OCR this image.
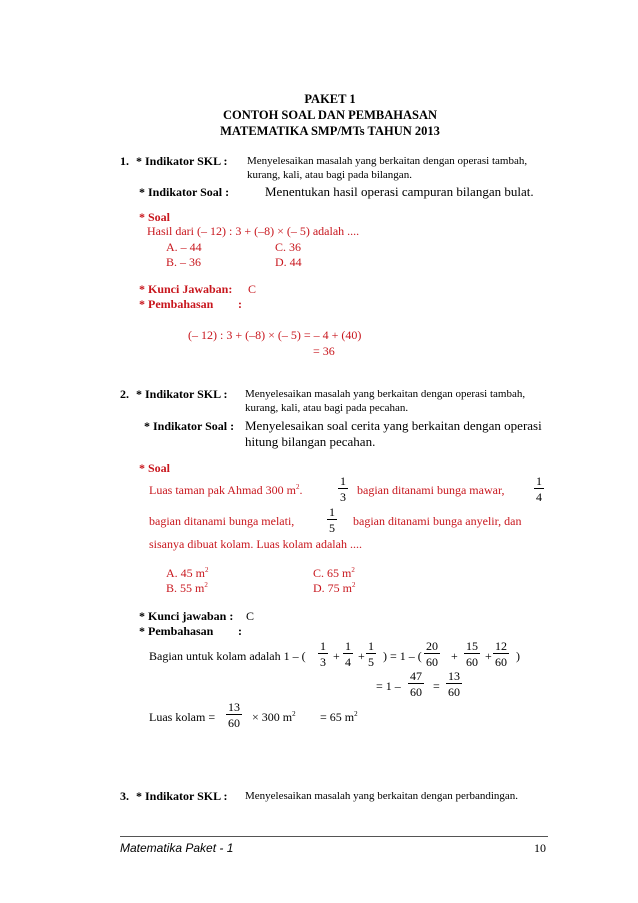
PAKET 1
CONTOH SOAL DAN PEMBAHASAN
MATEMATIKA SMP/MTs TAHUN 2013
1. * Indikator SKL : Menyelesaikan masalah yang berkaitan dengan operasi tambah,
kurang, kali, atau bagi pada bilangan.
* Indikator Soal :	Menentukan hasil operasi campuran bilangan bulat.
* Soal
Hasil dari (– 12) : 3 + (–8) × (– 5) adalah ....
A. – 44	C. 36
B. – 36	D. 44
* Kunci Jawaban: C
* Pembahasan :
(– 12) : 3 + (–8) × (– 5) = – 4 + (40)
= 36
2. * Indikator SKL : Menyelesaikan masalah yang berkaitan dengan operasi tambah,
kurang, kali, atau bagi pada pecahan.
* Indikator Soal : Menyelesaikan soal cerita yang berkaitan dengan operasi
hitung bilangan pecahan.
* Soal
Luas taman pak Ahmad 300 $m^2$.	$\frac{1}{3}$ bagian ditanami bunga mawar, $\frac{1}{4}$
bagian ditanami bunga melati,	$\frac{1}{5}$ bagian ditanami bunga anyelir, dan
sisanya dibuat kolam. Luas kolam adalah ....
A. 45 $m^2$	C. 65 $m^2$
B. 55 $m^2$	D. 75 $m^2$
* Kunci jawaban : C
* Pembahasan :
Bagian untuk kolam adalah 1 – ( $\frac{1}{3} + \frac{1}{4} + \frac{1}{5}$ ) = 1 – ( $\frac{20}{60} + \frac{15}{60} + \frac{12}{60}$ )
= $1 - \frac{47}{60} = \frac{13}{60}$
Luas kolam = $\frac{13}{60} \times 300$ $m^2 = 65$ $m^2$
3. * Indikator SKL : Menyelesaikan masalah yang berkaitan dengan perbandingan.
Matematika Paket - 1	10
